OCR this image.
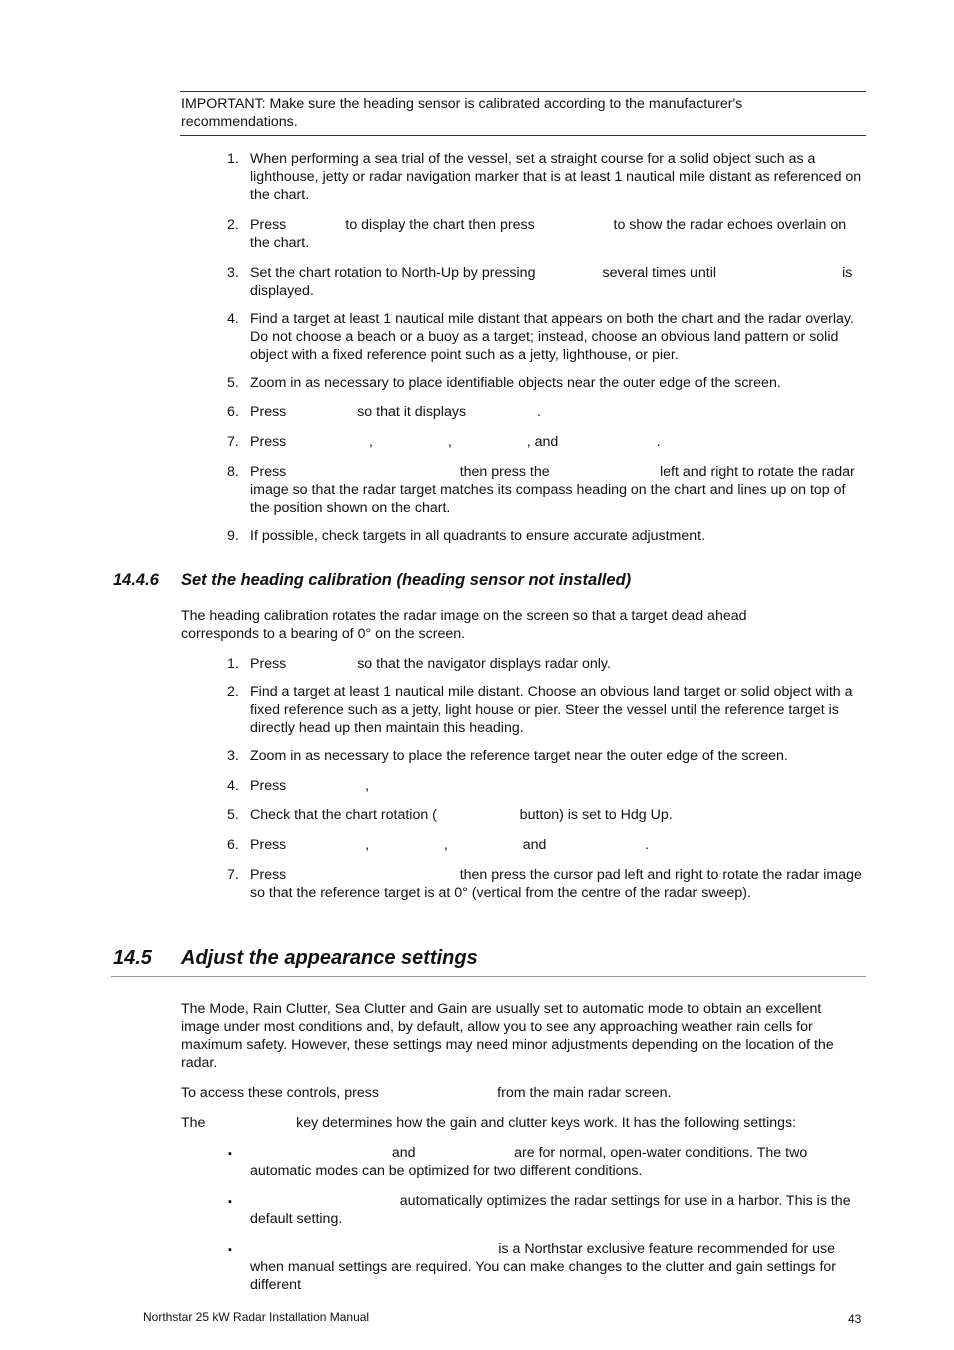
IMPORTANT: Make sure the heading sensor is calibrated according to the manufacturer's recommendations.
1. When performing a sea trial of the vessel, set a straight course for a solid object such as a lighthouse, jetty or radar navigation marker that is at least 1 nautical mile distant as referenced on the chart.
2. Press               to display the chart then press                    to show the radar echoes overlain on the chart.
3. Set the chart rotation to North-Up by pressing                 several times until                                is displayed.
4. Find a target at least 1 nautical mile distant that appears on both the chart and the radar overlay. Do not choose a beach or a buoy as a target; instead, choose an obvious land pattern or solid object with a fixed reference point such as a jetty, lighthouse, or pier.
5. Zoom in as necessary to place identifiable objects near the outer edge of the screen.
6. Press                  so that it displays                  .
7. Press                     ,                   ,                   , and                         .
8. Press                                            then press the                            left and right to rotate the radar image so that the radar target matches its compass heading on the chart and lines up on top of the position shown on the chart.
9. If possible, check targets in all quadrants to ensure accurate adjustment.
14.4.6 Set the heading calibration (heading sensor not installed)
The heading calibration rotates the radar image on the screen so that a target dead ahead corresponds to a bearing of 0° on the screen.
1. Press                  so that the navigator displays radar only.
2. Find a target at least 1 nautical mile distant. Choose an obvious land target or solid object with a fixed reference such as a jetty, light house or pier. Steer the vessel until the reference target is directly head up then maintain this heading.
3. Zoom in as necessary to place the reference target near the outer edge of the screen.
4. Press                    ,
5. Check that the chart rotation (                     button) is set to Hdg Up.
6. Press                    ,                   ,                   and                         .
7. Press                                            then press the cursor pad left and right to rotate the radar image so that the reference target is at 0° (vertical from the centre of the radar sweep).
14.5 Adjust the appearance settings
The Mode, Rain Clutter, Sea Clutter and Gain are usually set to automatic mode to obtain an excellent image under most conditions and, by default, allow you to see any approaching weather rain cells for maximum safety. However, these settings may need minor adjustments depending on the location of the radar.
To access these controls, press                              from the main radar screen.
The                       key determines how the gain and clutter keys work. It has the following settings:
▪ and                         are for normal, open-water conditions. The two automatic modes can be optimized for two different conditions.
▪ automatically optimizes the radar settings for use in a harbor. This is the default setting.
▪ is a Northstar exclusive feature recommended for use when manual settings are required. You can make changes to the clutter and gain settings for different
Northstar 25 kW Radar Installation Manual	43
